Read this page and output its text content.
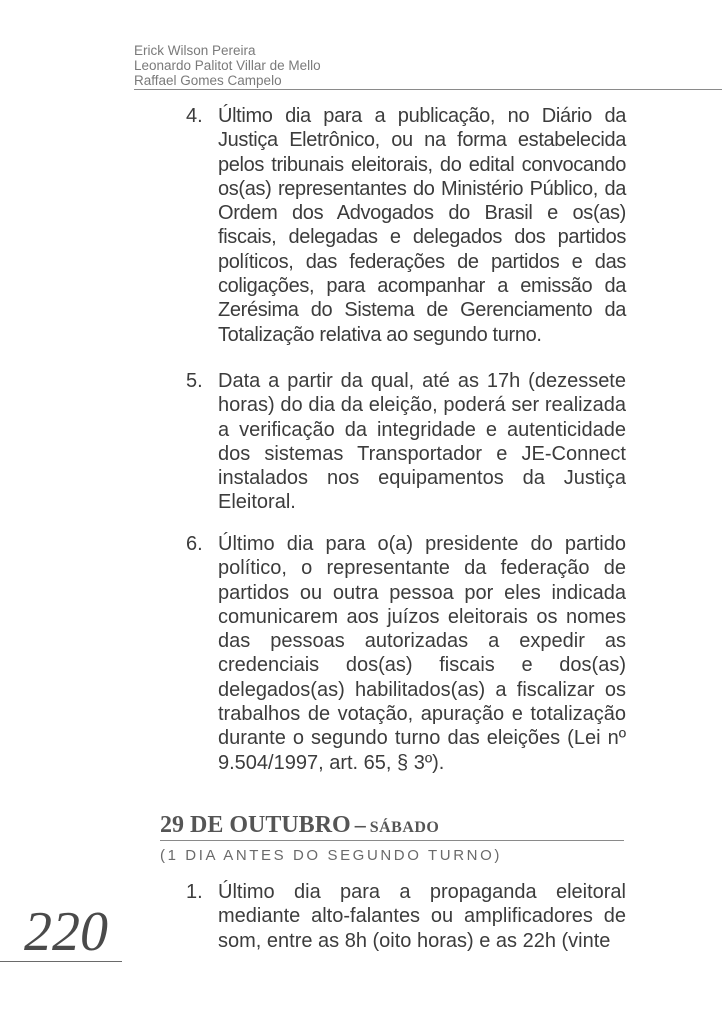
Erick Wilson Pereira
Leonardo Palitot Villar de Mello
Raffael Gomes Campelo
4. Último dia para a publicação, no Diário da Justiça Eletrônico, ou na forma estabelecida pelos tribunais eleitorais, do edital convocando os(as) representantes do Ministério Público, da Ordem dos Advogados do Brasil e os(as) fiscais, delegadas e delegados dos partidos políticos, das federações de partidos e das coligações, para acompanhar a emissão da Zerésima do Sistema de Gerenciamento da Totalização relativa ao segundo turno.
5. Data a partir da qual, até as 17h (dezessete horas) do dia da eleição, poderá ser realizada a verificação da integridade e autenticidade dos sistemas Transportador e JE-Connect instalados nos equipamentos da Justiça Eleitoral.
6. Último dia para o(a) presidente do partido político, o representante da federação de partidos ou outra pessoa por eles indicada comunicarem aos juízos eleitorais os nomes das pessoas autorizadas a expedir as credenciais dos(as) fiscais e dos(as) delegados(as) habilitados(as) a fiscalizar os trabalhos de votação, apuração e totalização durante o segundo turno das eleições (Lei nº 9.504/1997, art. 65, § 3º).
29 DE OUTUBRO – SÁBADO
(1 DIA ANTES DO SEGUNDO TURNO)
1. Último dia para a propaganda eleitoral mediante alto-falantes ou amplificadores de som, entre as 8h (oito horas) e as 22h (vinte
220
